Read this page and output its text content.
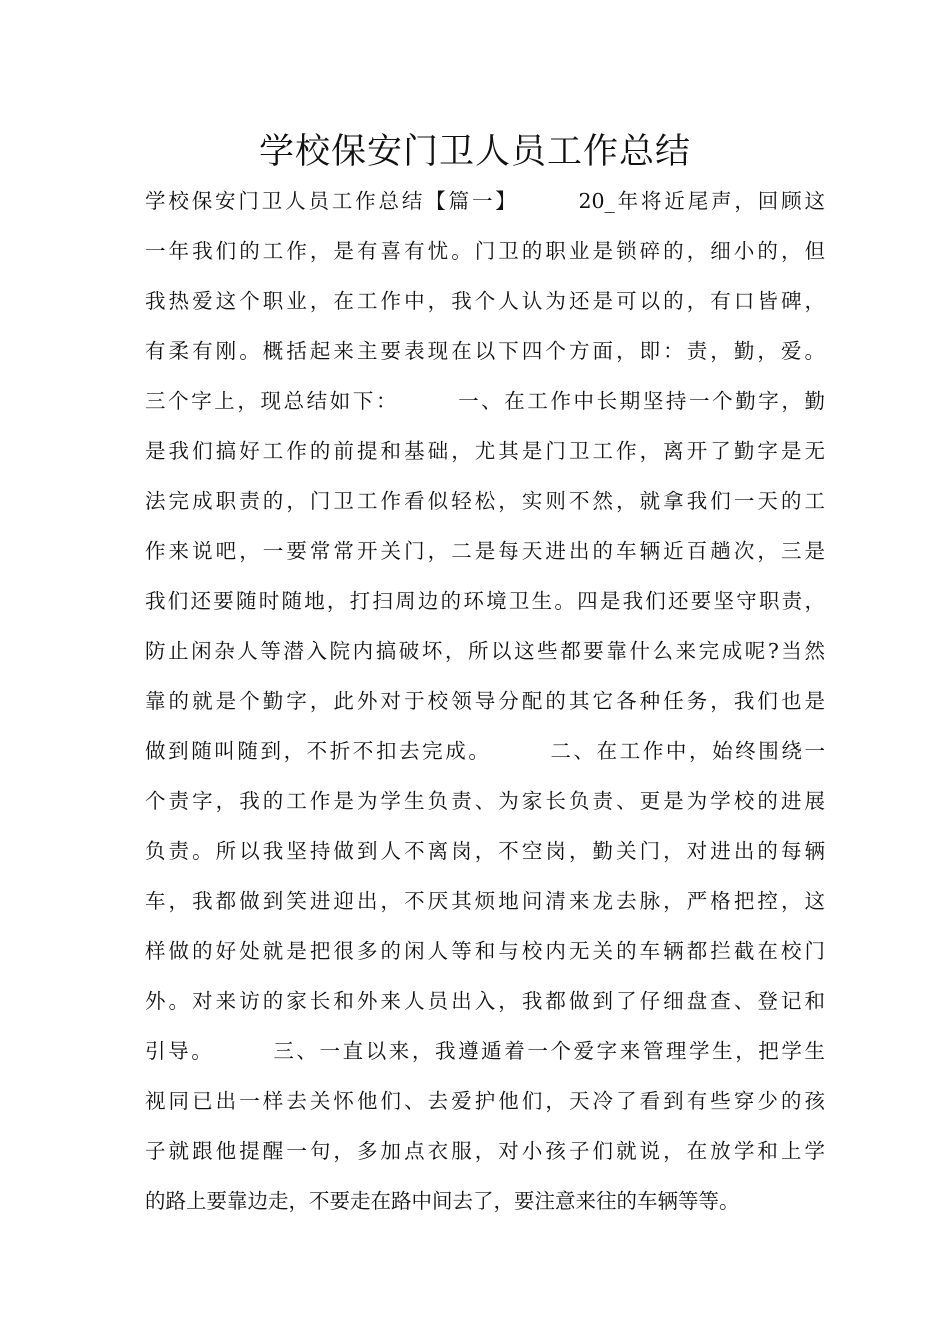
学校保安门卫人员工作总结
学校保安门卫人员工作总结【篇一】　　　20_年将近尾声，回顾这
一年我们的工作，是有喜有忧。门卫的职业是锁碎的，细小的，但
我热爱这个职业，在工作中，我个人认为还是可以的，有口皆碑，
有柔有刚。概括起来主要表现在以下四个方面，即：责，勤，爱。
三个字上，现总结如下：　　　一、在工作中长期坚持一个勤字，勤
是我们搞好工作的前提和基础，尤其是门卫工作，离开了勤字是无
法完成职责的，门卫工作看似轻松，实则不然，就拿我们一天的工
作来说吧，一要常常开关门，二是每天进出的车辆近百趟次，三是
我们还要随时随地，打扫周边的环境卫生。四是我们还要坚守职责，
防止闲杂人等潜入院内搞破坏，所以这些都要靠什么来完成呢?当然
靠的就是个勤字，此外对于校领导分配的其它各种任务，我们也是
做到随叫随到，不折不扣去完成。　　　二、在工作中，始终围绕一
个责字，我的工作是为学生负责、为家长负责、更是为学校的进展
负责。所以我坚持做到人不离岗，不空岗，勤关门，对进出的每辆
车，我都做到笑进迎出，不厌其烦地问清来龙去脉，严格把控，这
样做的好处就是把很多的闲人等和与校内无关的车辆都拦截在校门
外。对来访的家长和外来人员出入，我都做到了仔细盘查、登记和
引导。　　　三、一直以来，我遵遁着一个爱字来管理学生，把学生
视同已出一样去关怀他们、去爱护他们，天冷了看到有些穿少的孩
子就跟他提醒一句，多加点衣服，对小孩子们就说，在放学和上学
的路上要靠边走，不要走在路中间去了，要注意来往的车辆等等。
